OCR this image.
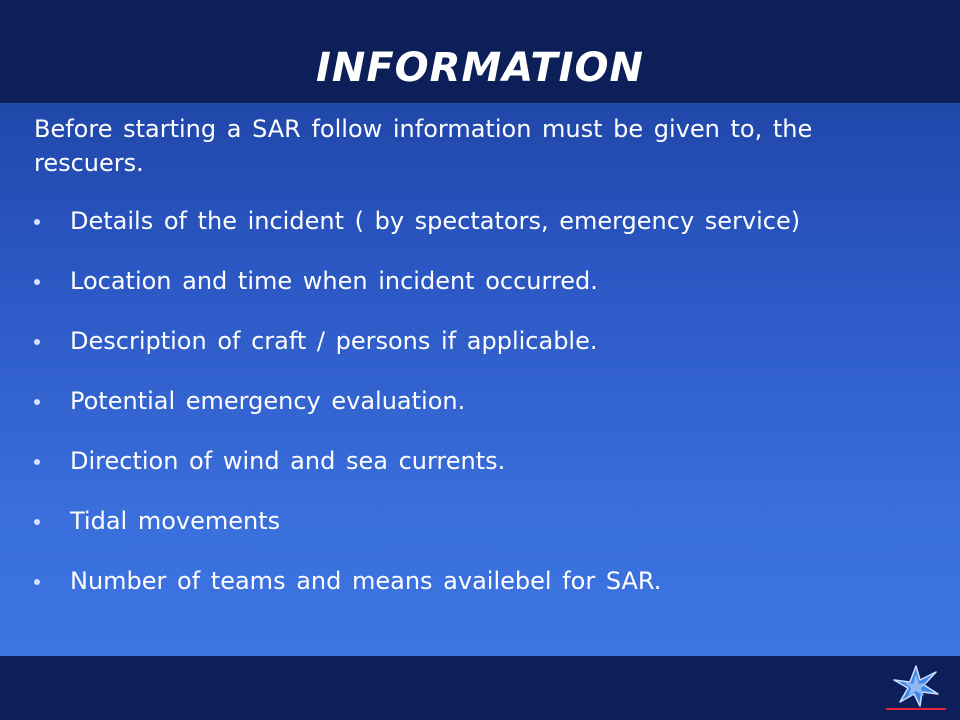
INFORMATION

Before starting a SAR follow information must be given to, the rescuers.

Details of the incident ( by spectators, emergency service)
Location and time when incident occurred.
Description of craft / persons if applicable.
Potential emergency evaluation.
Direction of wind and sea currents.
Tidal movements
Number of teams and means availebel for SAR.
